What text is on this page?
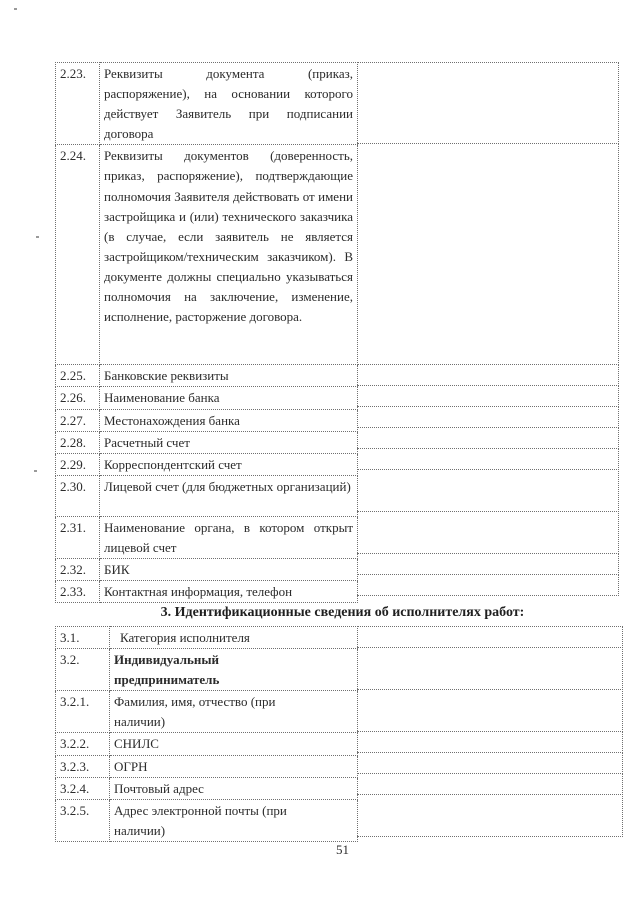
2.23.	Реквизиты документа (приказ, распоряжение), на основании которого действует Заявитель при подписании договора
2.24.	Реквизиты документов (доверенность, приказ, распоряжение), подтверждающие полномочия Заявителя действовать от имени застройщика и (или) технического заказчика (в случае, если заявитель не является застройщиком/техническим заказчиком). В документе должны специально указываться полномочия на заключение, изменение, исполнение, расторжение договора.
2.25.	Банковские реквизиты
2.26.	Наименование банка
2.27.	Местонахождения банка
2.28.	Расчетный счет
2.29.	Корреспондентский счет
2.30.	Лицевой счет (для бюджетных организаций)
2.31.	Наименование органа, в котором открыт лицевой счет
2.32.	БИК
2.33.	Контактная информация, телефон
3. Идентификационные сведения об исполнителях работ:
3.1.	Категория исполнителя
3.2.	Индивидуальный предприниматель
3.2.1.	Фамилия, имя, отчество (при наличии)
3.2.2.	СНИЛС
3.2.3.	ОГРН
3.2.4.	Почтовый адрес
3.2.5.	Адрес электронной почты (при наличии)
51
